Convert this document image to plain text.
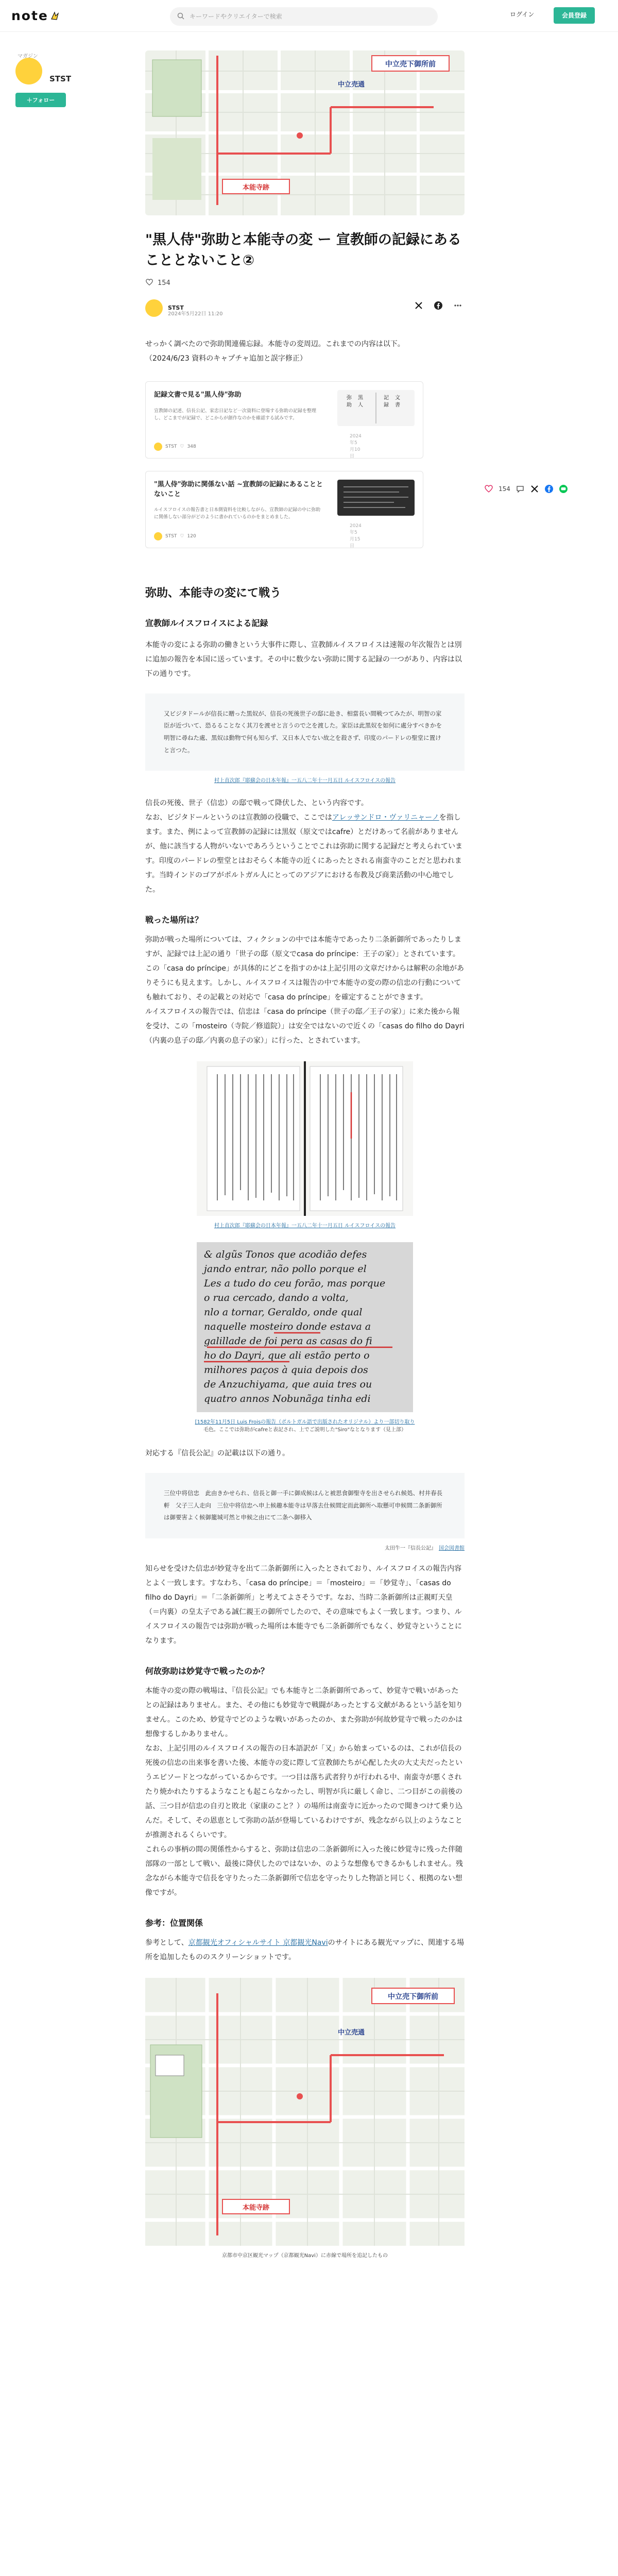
note
キーワードやクリエイターで検索	ログイン	会員登録
マガジン
STST
＋フォロー
154
中立売下御所前
中立売通
本能寺跡
"黒人侍"弥助と本能寺の変 ー 宣教師の記録にあることとないこと②
154
STST
2024年5月22日 11:20

せっかく調べたので弥助関連備忘録。本能寺の変周辺。これまでの内容は以下。

（2024/6/23 資料のキャプチャ追加と誤字修正）

記録文書で見る"黒人侍"弥助
宣教師の記述、信長公記、家忠日記など一次資料に登場する弥助の記録を整理し、どこまでが記録で、どこからが創作なのかを確認する試みです。
弥
助
黒
人
記
録
文
書
STST ♡ 348
2024年5月10日
"黒人侍"弥助に関係ない話 ~宣教師の記録にあることとないこと
ルイスフロイスの報告書と日本側資料を比較しながら、宣教師の記録の中に弥助に関係しない部分がどのように書かれているのかをまとめました。
STST ♡ 120
2024年5月15日
弥助、本能寺の変にて戦う
宣教師ルイスフロイスによる記録

本能寺の変による弥助の働きという大事件に際し、宣教師ルイスフロイスは速報の年次報告とは別に追加の報告を本国に送っています。その中に数少ない弥助に関する記録の一つがあり、内容は以下の通りです。

又ビジタドールが信長に贈った黒奴が、信長の死後世子の邸に赴き、相當長い間戦つてみたが、明智の家臣が近づいて、恐るることなく其刀を渡せと言うので之を渡した。家臣は此黒奴を如何に處分すべきかを明智に尋ねた處、黒奴は動物で何も知らず、又日本人でない故之を殺さず、印度のパードレの聖堂に置けと言つた。
村上直次郎『耶蘇会の日本年報』一五八二年十一月五日 ルイスフロイスの報告

信長の死後、世子（信忠）の邸で戦って降伏した、という内容です。

なお、ビジタドールというのは宣教師の役職で、ここではアレッサンドロ・ヴァリニャーノを指します。また、例によって宣教師の記録には黒奴（原文ではcafre）とだけあって名前がありませんが、他に該当する人物がいないであろうということでこれは弥助に関する記録だと考えられています。印度のパードレの聖堂とはおそらく本能寺の近くにあったとされる南蛮寺のことだと思われます。当時インドのゴアがポルトガル人にとってのアジアにおける布教及び商業活動の中心地でした。

戦った場所は？

弥助が戦った場所については、フィクションの中では本能寺であったり二条新御所であったりしますが、記録では上記の通り「世子の邸（原文でcasa do príncipe：王子の家）」とされています。

この「casa do príncipe」が具体的にどこを指すのかは上記引用の文章だけからは解釈の余地がありそうにも見えます。しかし、ルイスフロイスは報告の中で本能寺の変の際の信忠の行動についても触れており、その記載との対応で「casa do príncipe」を確定することができます。

ルイスフロイスの報告では、信忠は「casa do príncipe（世子の邸／王子の家）」に来た後から報を受け、この「mosteiro（寺院／修道院）」は安全ではないので近くの「casas do filho do Dayri（内裏の息子の邸／内裏の息子の家）」に行った、とされています。

村上直次郎『耶蘇会の日本年報』一五八二年十一月五日 ルイスフロイスの報告
& algũs Tonos que acodião defes
jando entrar, não pollo porque el
Les a tudo do ceu forão, mas porque
o rua cercado, dando a volta,
nlo a tornar, Geraldo, onde qual
naquelle mosteiro donde estava a
galillade de foi pera as casas do fi
ho do Dayri, que ali estão perto o
milhores paços à quia depois dos
de Anzuchiyama, que auia tres ou
quatro annos Nobunãga tinha edi
[1582年11月5日 Luis Froisの報告（ポルトガル語で出版されたオリジナル）より一部切り取り
毛色。ここでは弥助がcafreと表記され、上でご説明した"Siro"なとなります（見上部）

対応する『信長公記』の記載は以下の通り。

三位中将信忠　此由きかせられ、信長と御一手に御成候はんと被思食御聖寺を出させられ候処、村井春長軒　父子三人走向　三位中将信忠へ申上候趣本能寺は早落去仕候間定而此御所へ取懸可申候間二条新御所は御要害よく候御籠城可然と申候之由にて二条へ御移入
太田牛一『信長公記』　 国会図書館

知らせを受けた信忠が妙覚寺を出て二条新御所に入ったとされており、ルイスフロイスの報告内容とよく一致します。すなわち、「casa do príncipe」＝「mosteiro」＝「妙覚寺」、「casas do filho do Dayri」＝「二条新御所」と考えてよさそうです。なお、当時二条新御所は正親町天皇（＝内裏）の皇太子である誠仁親王の御所でしたので、その意味でもよく一致します。つまり、ルイスフロイスの報告では弥助が戦った場所は本能寺でも二条新御所でもなく、妙覚寺ということになります。

何故弥助は妙覚寺で戦ったのか？

本能寺の変の際の戦場は、『信長公記』でも本能寺と二条新御所であって、妙覚寺で戦いがあったとの記録はありません。また、その他にも妙覚寺で戦闘があったとする文献があるという話を知りません。このため、妙覚寺でどのような戦いがあったのか、また弥助が何故妙覚寺で戦ったのかは想像するしかありません。

なお、上記引用のルイスフロイスの報告の日本語訳が「又」から始まっているのは、これが信長の死後の信忠の出来事を書いた後、本能寺の変に際して宣教師たちが心配した火の大丈夫だったというエピソードとつながっているからです。一つ目は落ち武者狩りが行われる中、南蛮寺が悪くされたり焼かれたりするようなことも起こらなかったし、明智が兵に厳しく命じ、二つ目がこの前後の話、三つ目が信忠の自刃と敗北（家康のこと？）の場所は南蛮寺に近かったので聞きつけて乗り込んだ。そして、その恩恵として弥助の話が登場しているわけですが、残念ながら以上のようなことが推測されるくらいです。

これらの事柄の間の関係性からすると、弥助は信忠の二条新御所に入った後に妙覚寺に残った伴随部隊の一部として戦い、最後に降伏したのではないか、のような想像もできるかもしれません。残念ながら本能寺で信長を守りたった二条新御所で信忠を守ったりした物語と同じく、根拠のない想像ですが。

参考：位置関係

参考として、京都観光オフィシャルサイト 京都観光Naviのサイトにある観光マップに、関連する場所を追加したもののスクリーンショットです。

中立売下御所前
中立売通
本能寺跡
京都市中京区観光マップ（京都観光Navi）に赤線で場所を追記したもの
